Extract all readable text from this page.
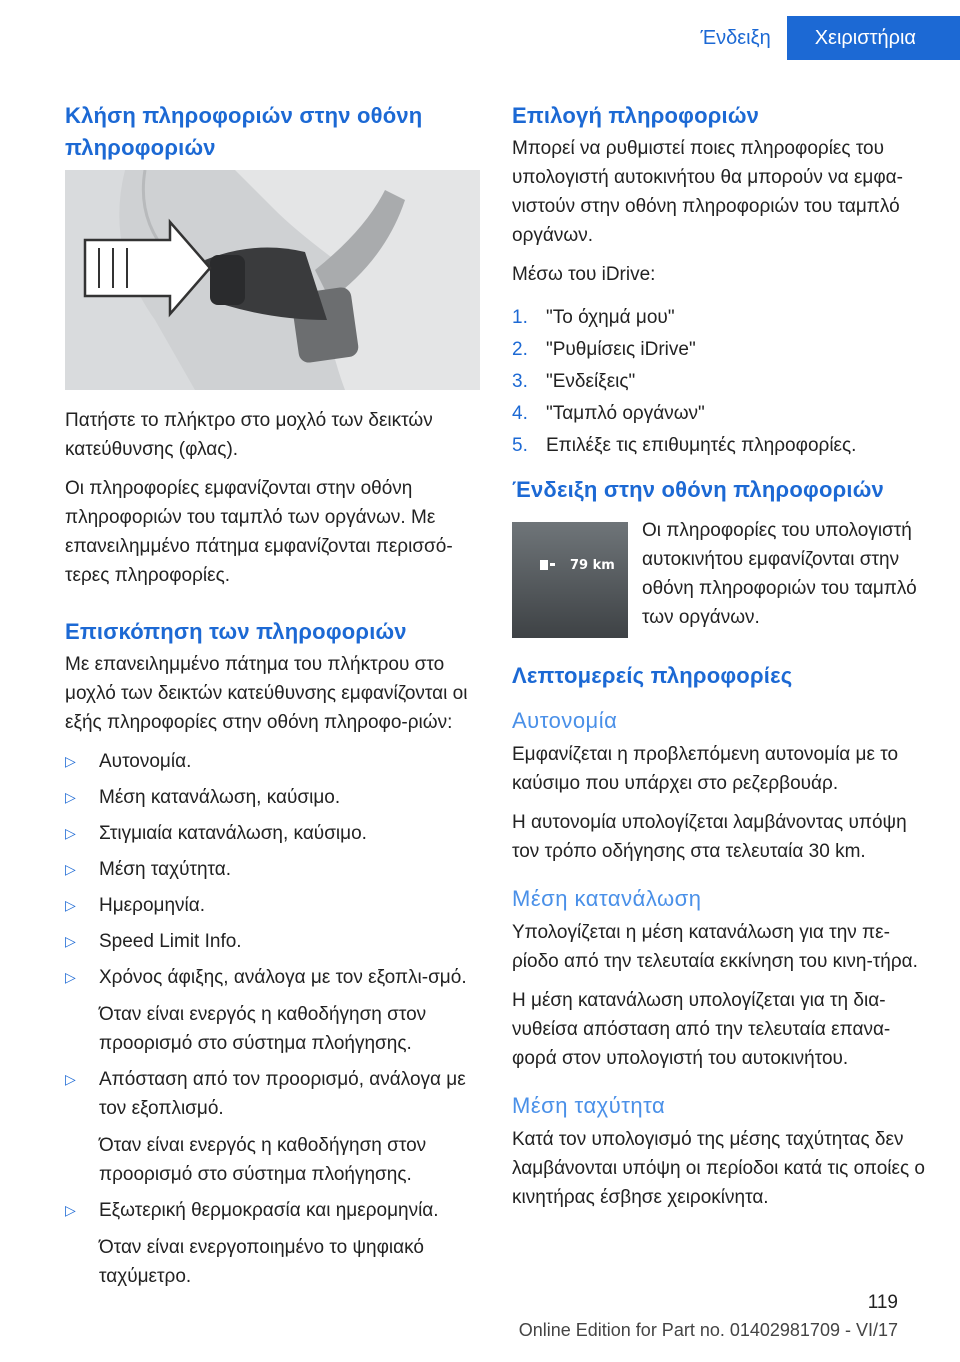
Ένδειξη	Χειριστήρια
Κλήση πληροφοριών στην οθόνη πληροφοριών

Πατήστε το πλήκτρο στο μοχλό των δεικτών κατεύθυνσης (φλας).

Οι πληροφορίες εμφανίζονται στην οθόνη πληροφοριών του ταμπλό των οργάνων. Με επανειλημμένο πάτημα εμφανίζονται περισσό‐τερες πληροφορίες.

Επισκόπηση των πληροφοριών

Με επανειλημμένο πάτημα του πλήκτρου στο μοχλό των δεικτών κατεύθυνσης εμφανίζονται οι εξής πληροφορίες στην οθόνη πληροφο‐ριών:

▷ Αυτονομία.
▷ Μέση κατανάλωση, καύσιμο.
▷ Στιγμιαία κατανάλωση, καύσιμο.
▷ Μέση ταχύτητα.
▷ Ημερομηνία.
▷ Speed Limit Info.
▷ Χρόνος άφιξης, ανάλογα με τον εξοπλι‐σμό.
Όταν είναι ενεργός η καθοδήγηση στον προορισμό στο σύστημα πλοήγησης.
▷ Απόσταση από τον προορισμό, ανάλογα με τον εξοπλισμό.
Όταν είναι ενεργός η καθοδήγηση στον προορισμό στο σύστημα πλοήγησης.
▷ Εξωτερική θερμοκρασία και ημερομηνία.
Όταν είναι ενεργοποιημένο το ψηφιακό ταχύμετρο.
Επιλογή πληροφοριών

Μπορεί να ρυθμιστεί ποιες πληροφορίες του υπολογιστή αυτοκινήτου θα μπορούν να εμφα‐νιστούν στην οθόνη πληροφοριών του ταμπλό οργάνων.

Μέσω του iDrive:

1. "Το όχημά μου"
2. "Ρυθμίσεις iDrive"
3. "Ενδείξεις"
4. "Ταμπλό οργάνων"
5. Επιλέξε τις επιθυμητές πληροφορίες.
Ένδειξη στην οθόνη πληροφοριών
79 km

Οι πληροφορίες του υπολογιστή αυτοκινήτου εμφανίζονται στην οθόνη πληροφοριών του ταμπλό των οργάνων.

Λεπτομερείς πληροφορίες
Αυτονομία

Εμφανίζεται η προβλεπόμενη αυτονομία με το καύσιμο που υπάρχει στο ρεζερβουάρ.

Η αυτονομία υπολογίζεται λαμβάνοντας υπόψη τον τρόπο οδήγησης στα τελευταία 30 km.

Μέση κατανάλωση

Υπολογίζεται η μέση κατανάλωση για την πε‐ρίοδο από την τελευταία εκκίνηση του κινη‐τήρα.

Η μέση κατανάλωση υπολογίζεται για τη δια‐νυθείσα απόσταση από την τελευταία επανα‐φορά στον υπολογιστή του αυτοκινήτου.

Μέση ταχύτητα

Κατά τον υπολογισμό της μέσης ταχύτητας δεν λαμβάνονται υπόψη οι περίοδοι κατά τις οποίες ο κινητήρας έσβησε χειροκίνητα.

119
Online Edition for Part no. 01402981709 - VI/17
